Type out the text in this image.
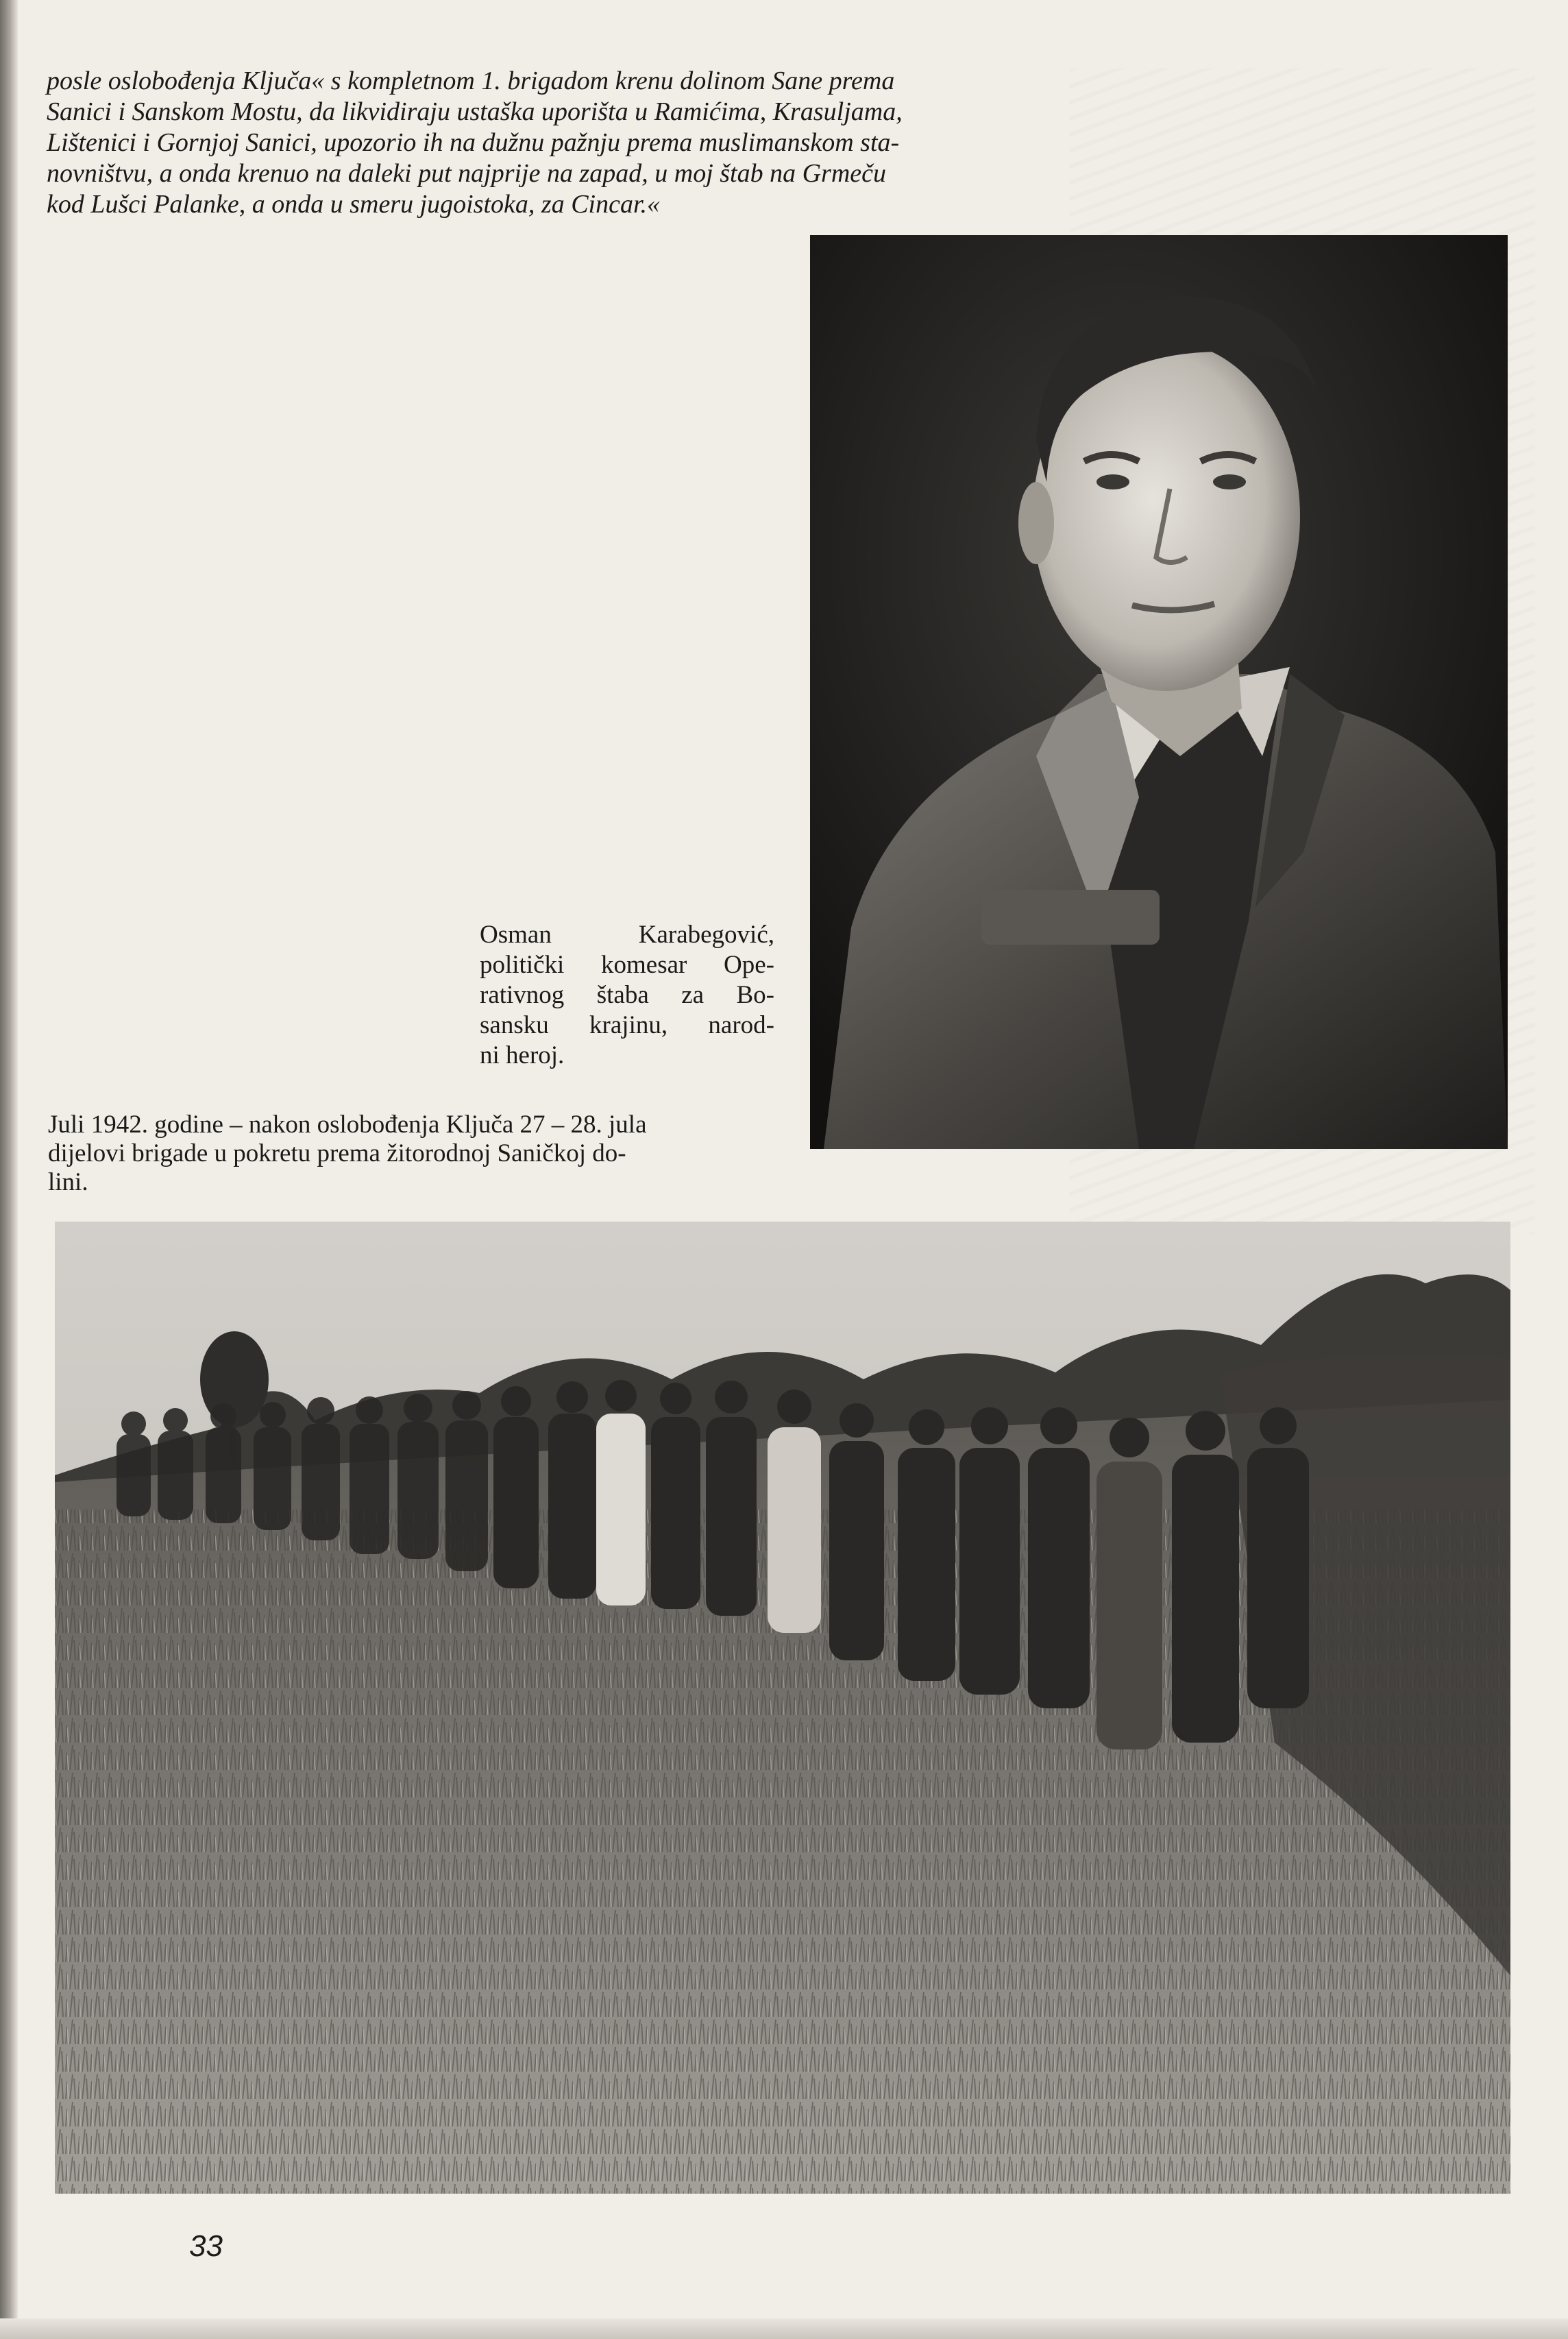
posle oslobođenja Ključa« s kompletnom 1. brigadom krenu dolinom Sane prema
Sanici i Sanskom Mostu, da likvidiraju ustaška uporišta u Ramićima, Krasuljama,
Lištenici i Gornjoj Sanici, upozorio ih na dužnu pažnju prema muslimanskom sta-
novništvu, a onda krenuo na daleki put najprije na zapad, u moj štab na Grmeču
kod Lušci Palanke, a onda u smeru jugoistoka, za Cincar.«

Osman Karabegović,
politički komesar Ope-
rativnog štaba za Bo-
sansku krajinu, narod-
ni heroj.
Juli 1942. godine – nakon oslobođenja Ključa 27 – 28. jula
dijelovi brigade u pokretu prema žitorodnoj Saničkoj do-
lini.
33
